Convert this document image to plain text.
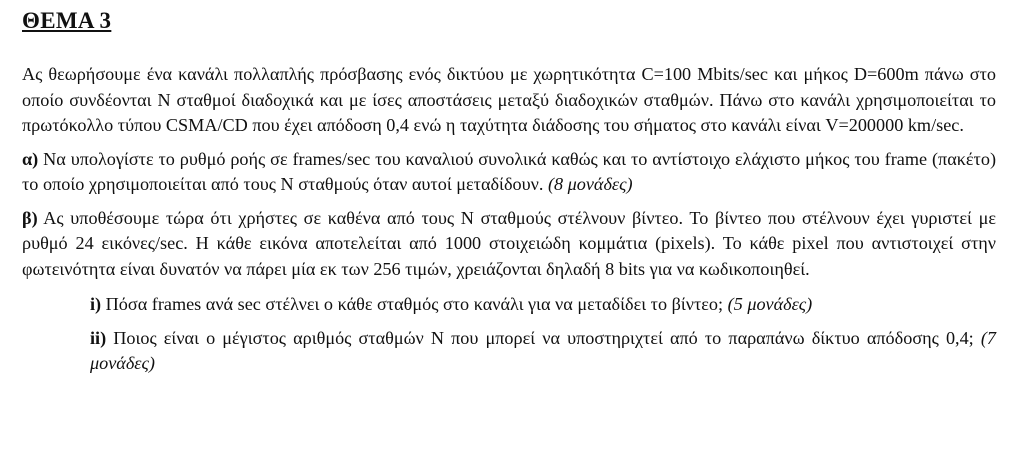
ΘΕΜΑ 3

Ας θεωρήσουμε ένα κανάλι πολλαπλής πρόσβασης ενός δικτύου με χωρητικότητα C=100 Mbits/sec και μήκος D=600m πάνω στο οποίο συνδέονται Ν σταθμοί διαδοχικά και με ίσες αποστάσεις μεταξύ διαδοχικών σταθμών. Πάνω στο κανάλι χρησιμοποιείται το πρωτόκολλο τύπου CSMA/CD που έχει απόδοση 0,4 ενώ η ταχύτητα διάδοσης του σήματος στο κανάλι είναι V=200000 km/sec.

α) Να υπολογίστε το ρυθμό ροής σε frames/sec του καναλιού συνολικά καθώς και το αντίστοιχο ελάχιστο μήκος του frame (πακέτο) το οποίο χρησιμοποιείται από τους Ν σταθμούς όταν αυτοί μεταδίδουν. (8 μονάδες)

β) Ας υποθέσουμε τώρα ότι χρήστες σε καθένα από τους Ν σταθμούς στέλνουν βίντεο. Το βίντεο που στέλνουν έχει γυριστεί με ρυθμό 24 εικόνες/sec. Η κάθε εικόνα αποτελείται από 1000 στοιχειώδη κομμάτια (pixels). Το κάθε pixel που αντιστοιχεί στην φωτεινότητα είναι δυνατόν να πάρει μία εκ των 256 τιμών, χρειάζονται δηλαδή 8 bits για να κωδικοποιηθεί.

i) Πόσα frames ανά sec στέλνει ο κάθε σταθμός στο κανάλι για να μεταδίδει το βίντεο; (5 μονάδες)

ii) Ποιος είναι ο μέγιστος αριθμός σταθμών Ν που μπορεί να υποστηριχτεί από το παραπάνω δίκτυο απόδοσης 0,4; (7 μονάδες)
